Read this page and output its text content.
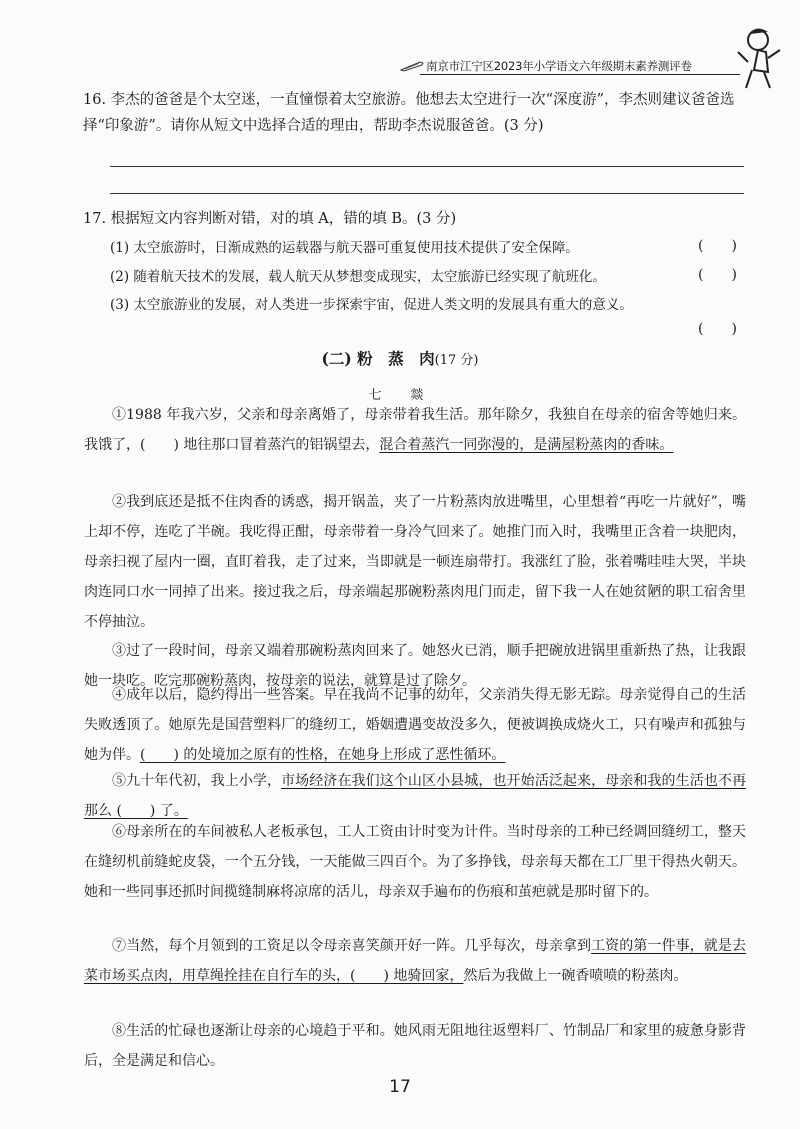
南京市江宁区2023年小学语文六年级期末素养测评卷
16. 李杰的爸爸是个太空迷，一直憧憬着太空旅游。他想去太空进行一次“深度游”，李杰则建议爸爸选择“印象游”。请你从短文中选择合适的理由，帮助李杰说服爸爸。(3 分)
17. 根据短文内容判断对错，对的填 A，错的填 B。(3 分)
(1) 太空旅游时，日渐成熟的运载器与航天器可重复使用技术提供了安全保障。	(　　)
(2) 随着航天技术的发展，载人航天从梦想变成现实，太空旅游已经实现了航班化。	(　　)
(3) 太空旅游业的发展，对人类进一步探索宇宙，促进人类文明的发展具有重大的意义。
(　　)
(二) 粉　蒸　肉(17 分)
七　燚
①1988 年我六岁，父亲和母亲离婚了，母亲带着我生活。那年除夕，我独自在母亲的宿舍等她归来。我饿了，(　　) 地往那口冒着蒸汽的铝锅望去，混合着蒸汽一同弥漫的，是满屋粉蒸肉的香味。
②我到底还是抵不住肉香的诱惑，揭开锅盖，夹了一片粉蒸肉放进嘴里，心里想着“再吃一片就好”，嘴上却不停，连吃了半碗。我吃得正酣，母亲带着一身冷气回来了。她推门而入时，我嘴里正含着一块肥肉，母亲扫视了屋内一圈，直盯着我，走了过来，当即就是一顿连扇带打。我涨红了脸，张着嘴哇哇大哭，半块肉连同口水一同掉了出来。接过我之后，母亲端起那碗粉蒸肉甩门而走，留下我一人在她贫陋的职工宿舍里不停抽泣。
③过了一段时间，母亲又端着那碗粉蒸肉回来了。她怒火已消，顺手把碗放进锅里重新热了热，让我跟她一块吃。吃完那碗粉蒸肉，按母亲的说法，就算是过了除夕。
④成年以后，隐约得出一些答案。早在我尚不记事的幼年，父亲消失得无影无踪。母亲觉得自己的生活失败透顶了。她原先是国营塑料厂的缝纫工，婚姻遭遇变故没多久，便被调换成烧火工，只有噪声和孤独与她为伴。(　　) 的处境加之原有的性格，在她身上形成了恶性循环。
⑤九十年代初，我上小学，市场经济在我们这个山区小县城，也开始活泛起来，母亲和我的生活也不再那么 (　　) 了。
⑥母亲所在的车间被私人老板承包，工人工资由计时变为计件。当时母亲的工种已经调回缝纫工，整天在缝纫机前缝蛇皮袋，一个五分钱，一天能做三四百个。为了多挣钱，母亲每天都在工厂里干得热火朝天。她和一些同事还抓时间揽缝制麻将凉席的活儿，母亲双手遍布的伤痕和茧疤就是那时留下的。
⑦当然，每个月领到的工资足以令母亲喜笑颜开好一阵。几乎每次，母亲拿到工资的第一件事，就是去菜市场买点肉，用草绳拴挂在自行车的头，(　　) 地骑回家，然后为我做上一碗香喷喷的粉蒸肉。
⑧生活的忙碌也逐渐让母亲的心境趋于平和。她风雨无阻地往返塑料厂、竹制品厂和家里的疲惫身影背后，全是满足和信心。
17
